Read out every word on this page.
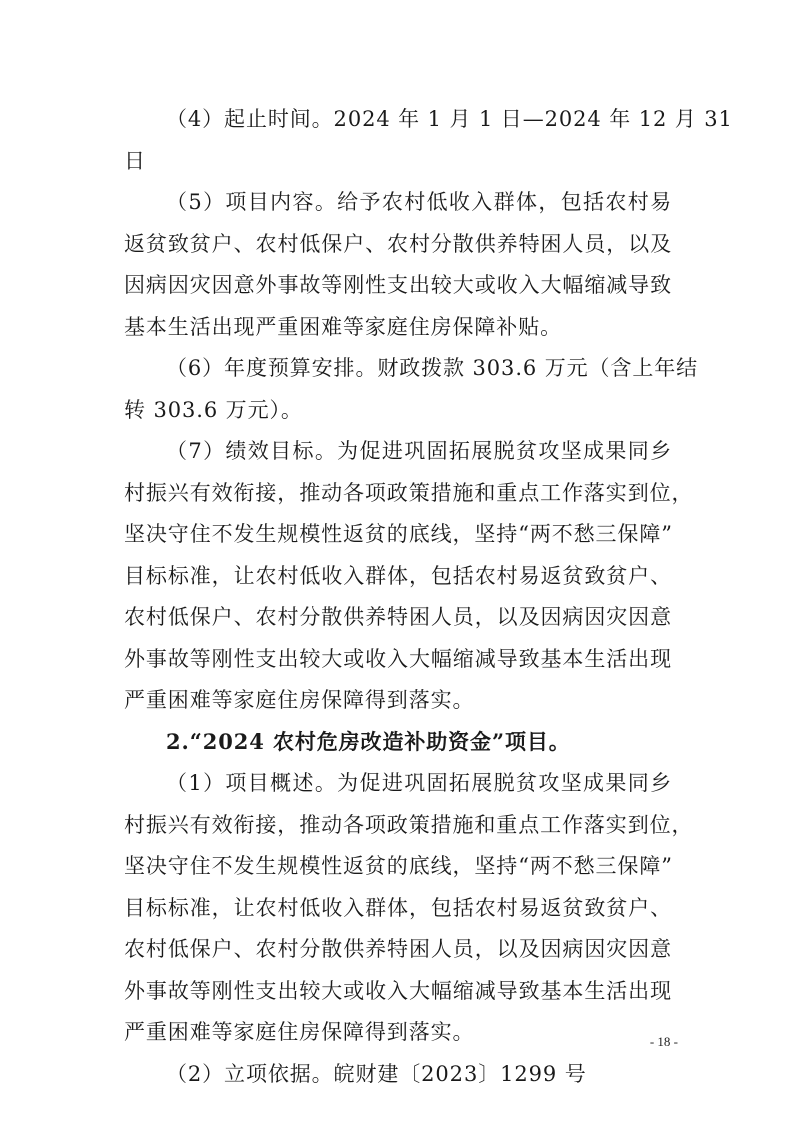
（4）起止时间。2024 年 1 月 1 日—2024 年 12 月 31
日
（5）项目内容。给予农村低收入群体，包括农村易
返贫致贫户、农村低保户、农村分散供养特困人员，以及
因病因灾因意外事故等刚性支出较大或收入大幅缩减导致
基本生活出现严重困难等家庭住房保障补贴。
（6）年度预算安排。财政拨款 303.6 万元（含上年结
转 303.6 万元）。
（7）绩效目标。为促进巩固拓展脱贫攻坚成果同乡
村振兴有效衔接，推动各项政策措施和重点工作落实到位，
坚决守住不发生规模性返贫的底线，坚持“两不愁三保障”
目标标准，让农村低收入群体，包括农村易返贫致贫户、
农村低保户、农村分散供养特困人员，以及因病因灾因意
外事故等刚性支出较大或收入大幅缩减导致基本生活出现
严重困难等家庭住房保障得到落实。
2.“2024 农村危房改造补助资金”项目。
（1）项目概述。为促进巩固拓展脱贫攻坚成果同乡
村振兴有效衔接，推动各项政策措施和重点工作落实到位，
坚决守住不发生规模性返贫的底线，坚持“两不愁三保障”
目标标准，让农村低收入群体，包括农村易返贫致贫户、
农村低保户、农村分散供养特困人员，以及因病因灾因意
外事故等刚性支出较大或收入大幅缩减导致基本生活出现
严重困难等家庭住房保障得到落实。
（2）立项依据。皖财建〔2023〕1299 号
- 18 -
